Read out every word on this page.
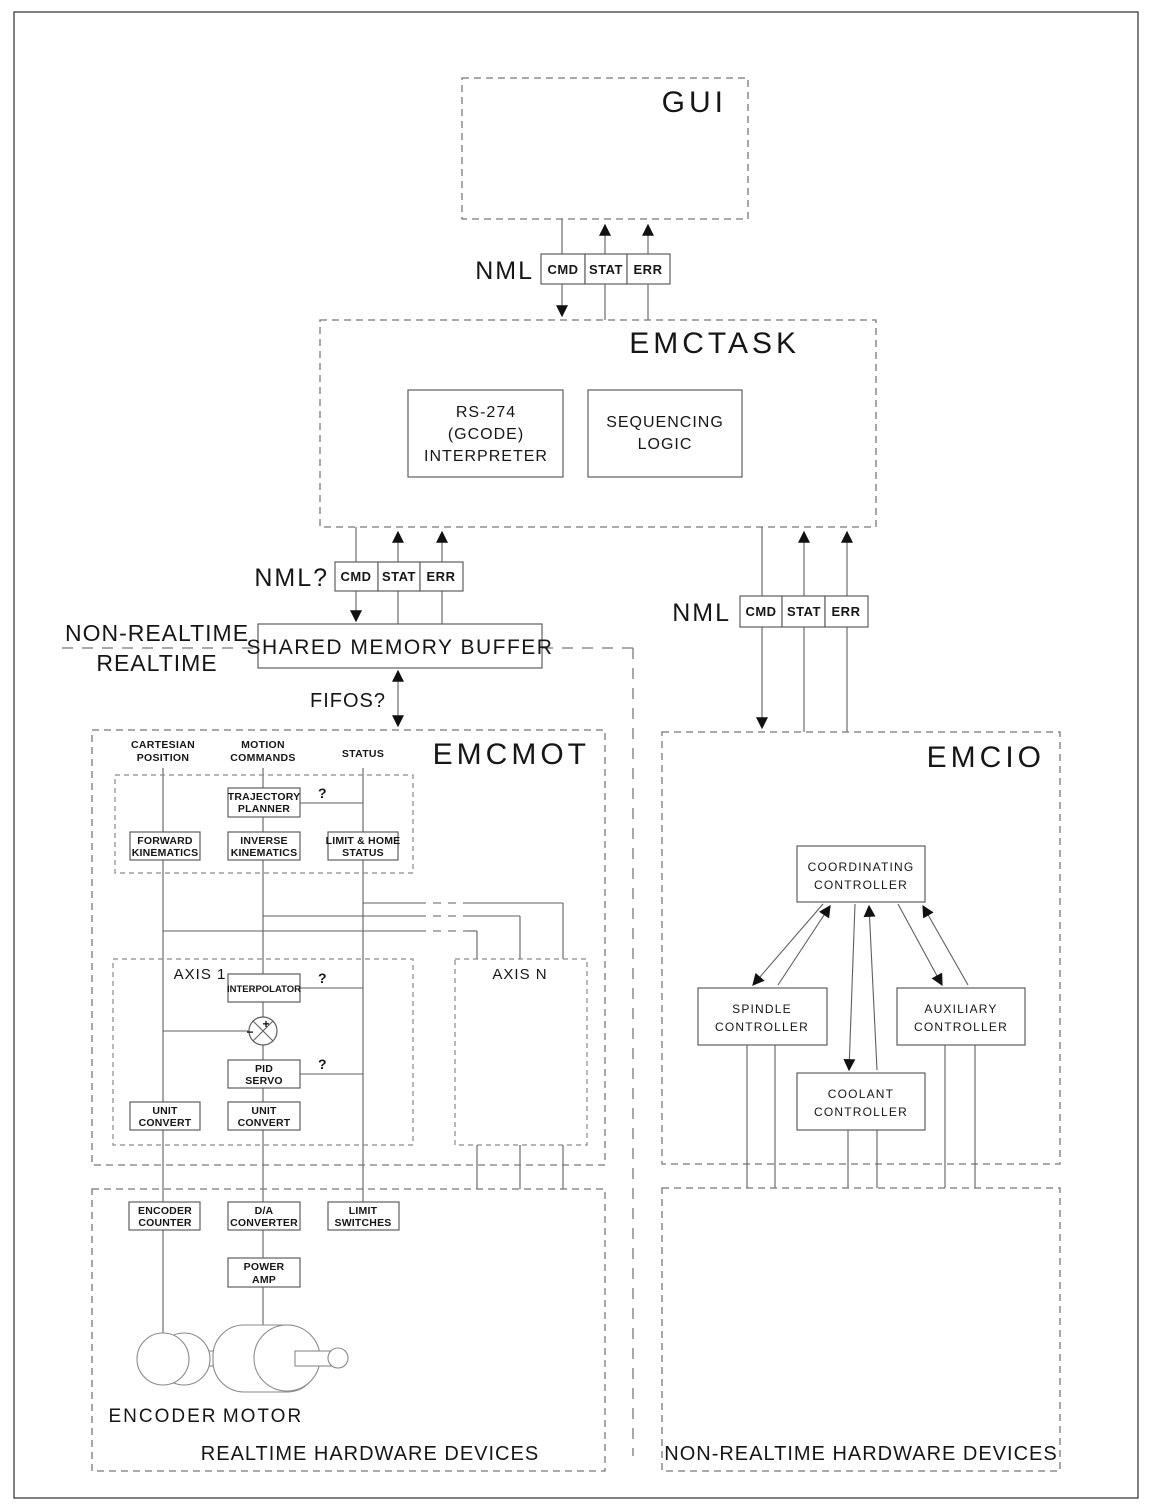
GUI
NML CMD STAT ERR
EMCTASK
RS-274
(GCODE)
INTERPRETER
SEQUENCING
LOGIC
NML? CMD STAT ERR
NML CMD STAT ERR
NON-REALTIME
REALTIME
SHARED MEMORY BUFFER
FIFOS?
?
?
?
EMCMOT
AXIS 1	AXIS N
CARTESIAN
POSITION
MOTION
COMMANDS	STATUS
TRAJECTORY
PLANNER
FORWARD
KINEMATICS
INVERSE
KINEMATICS
LIMIT & HOME
STATUS
INTERPOLATOR
+
−
PID
SERVO
UNIT
CONVERT
UNIT
CONVERT
EMCIO
COORDINATING
CONTROLLER
SPINDLE
CONTROLLER
AUXILIARY
CONTROLLER
COOLANT
CONTROLLER
ENCODER
COUNTER
D/A
CONVERTER
LIMIT
SWITCHES
POWER
AMP
ENCODER MOTOR
REALTIME HARDWARE DEVICES	NON-REALTIME HARDWARE DEVICES
